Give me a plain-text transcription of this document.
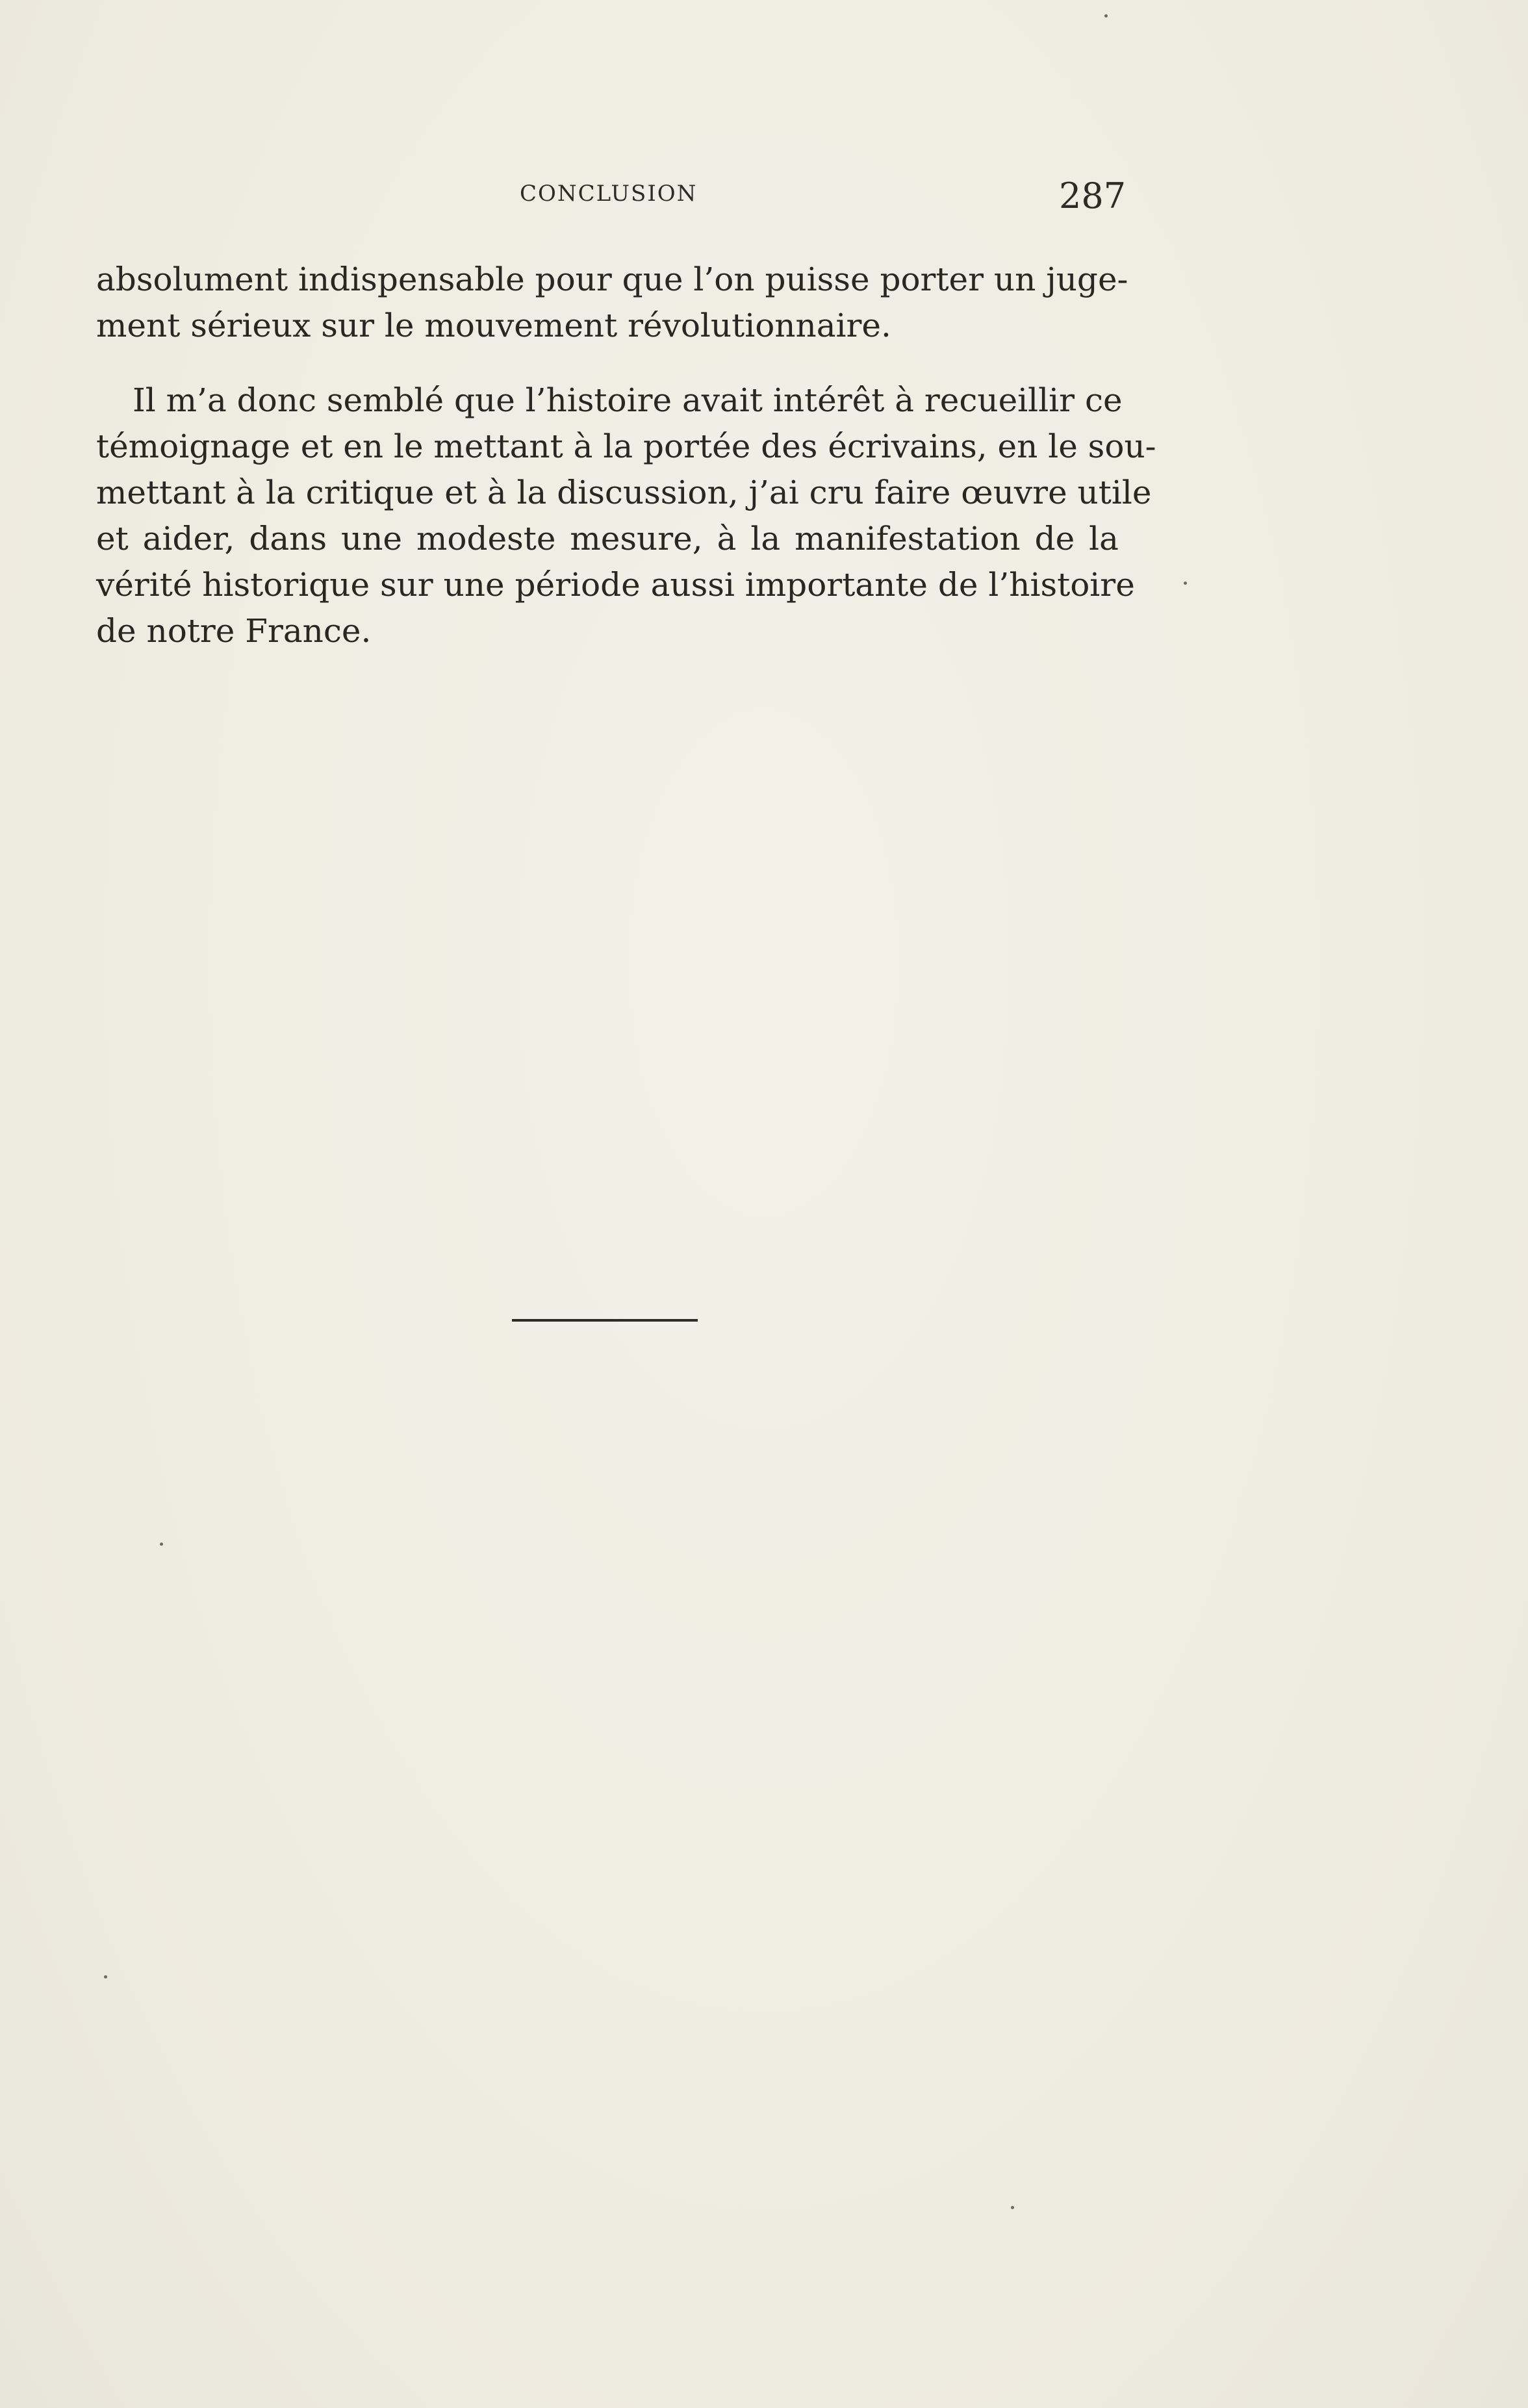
CONCLUSION	287
absolument indispensable pour que l’on puisse porter un juge-
ment sérieux sur le mouvement révolutionnaire.
Il m’a donc semblé que l’histoire avait intérêt à recueillir ce
témoignage et en le mettant à la portée des écrivains, en le sou-
mettant à la critique et à la discussion, j’ai cru faire œuvre utile
et aider, dans une modeste mesure, à la manifestation de la
vérité historique sur une période aussi importante de l’histoire
de notre France.
